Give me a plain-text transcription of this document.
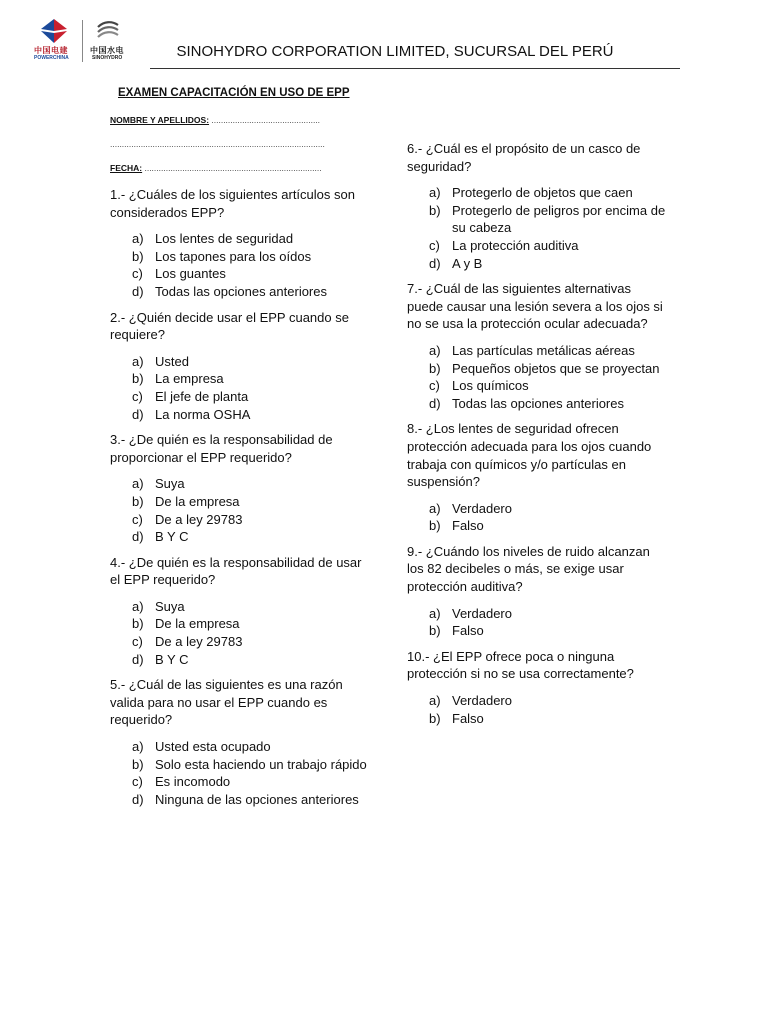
中国电建
POWERCHINA
中国水电
SINOHYDRO	SINOHYDRO CORPORATION LIMITED, SUCURSAL DEL PERÚ
EXAMEN CAPACITACIÓN EN USO DE EPP
NOMBRE Y APELLIDOS: ..............................................
...........................................................................................
FECHA: ...........................................................................

1.- ¿Cuáles de los siguientes artículos son considerados EPP?

a) Los lentes de seguridad
b) Los tapones para los oídos
c) Los guantes
d) Todas las opciones anteriores

2.- ¿Quién decide usar el EPP cuando se requiere?

a) Usted
b) La empresa
c) El jefe de planta
d) La norma OSHA

3.- ¿De quién es la responsabilidad de proporcionar el EPP requerido?

a) Suya
b) De la empresa
c) De a ley 29783
d) B Y C

4.- ¿De quién es la responsabilidad de usar el EPP requerido?

a) Suya
b) De la empresa
c) De a ley 29783
d) B Y C

5.- ¿Cuál de las siguientes es una razón valida para no usar el EPP cuando es requerido?

a) Usted esta ocupado
b) Solo esta haciendo un trabajo rápido
c) Es incomodo
d) Ninguna de las opciones anteriores

6.- ¿Cuál es el propósito de un casco de seguridad?

a) Protegerlo de objetos que caen
b) Protegerlo de peligros por encima de su cabeza
c) La protección auditiva
d) A y B

7.- ¿Cuál de las siguientes alternativas puede causar una lesión severa a los ojos si no se usa la protección ocular adecuada?

a) Las partículas metálicas aéreas
b) Pequeños objetos que se proyectan
c) Los químicos
d) Todas las opciones anteriores

8.- ¿Los lentes de seguridad ofrecen protección adecuada para los ojos cuando trabaja con químicos y/o partículas en suspensión?

a) Verdadero
b) Falso

9.- ¿Cuándo los niveles de ruido alcanzan los 82 decibeles o más, se exige usar protección auditiva?

a) Verdadero
b) Falso

10.- ¿El EPP ofrece poca o ninguna protección si no se usa correctamente?

a) Verdadero
b) Falso
